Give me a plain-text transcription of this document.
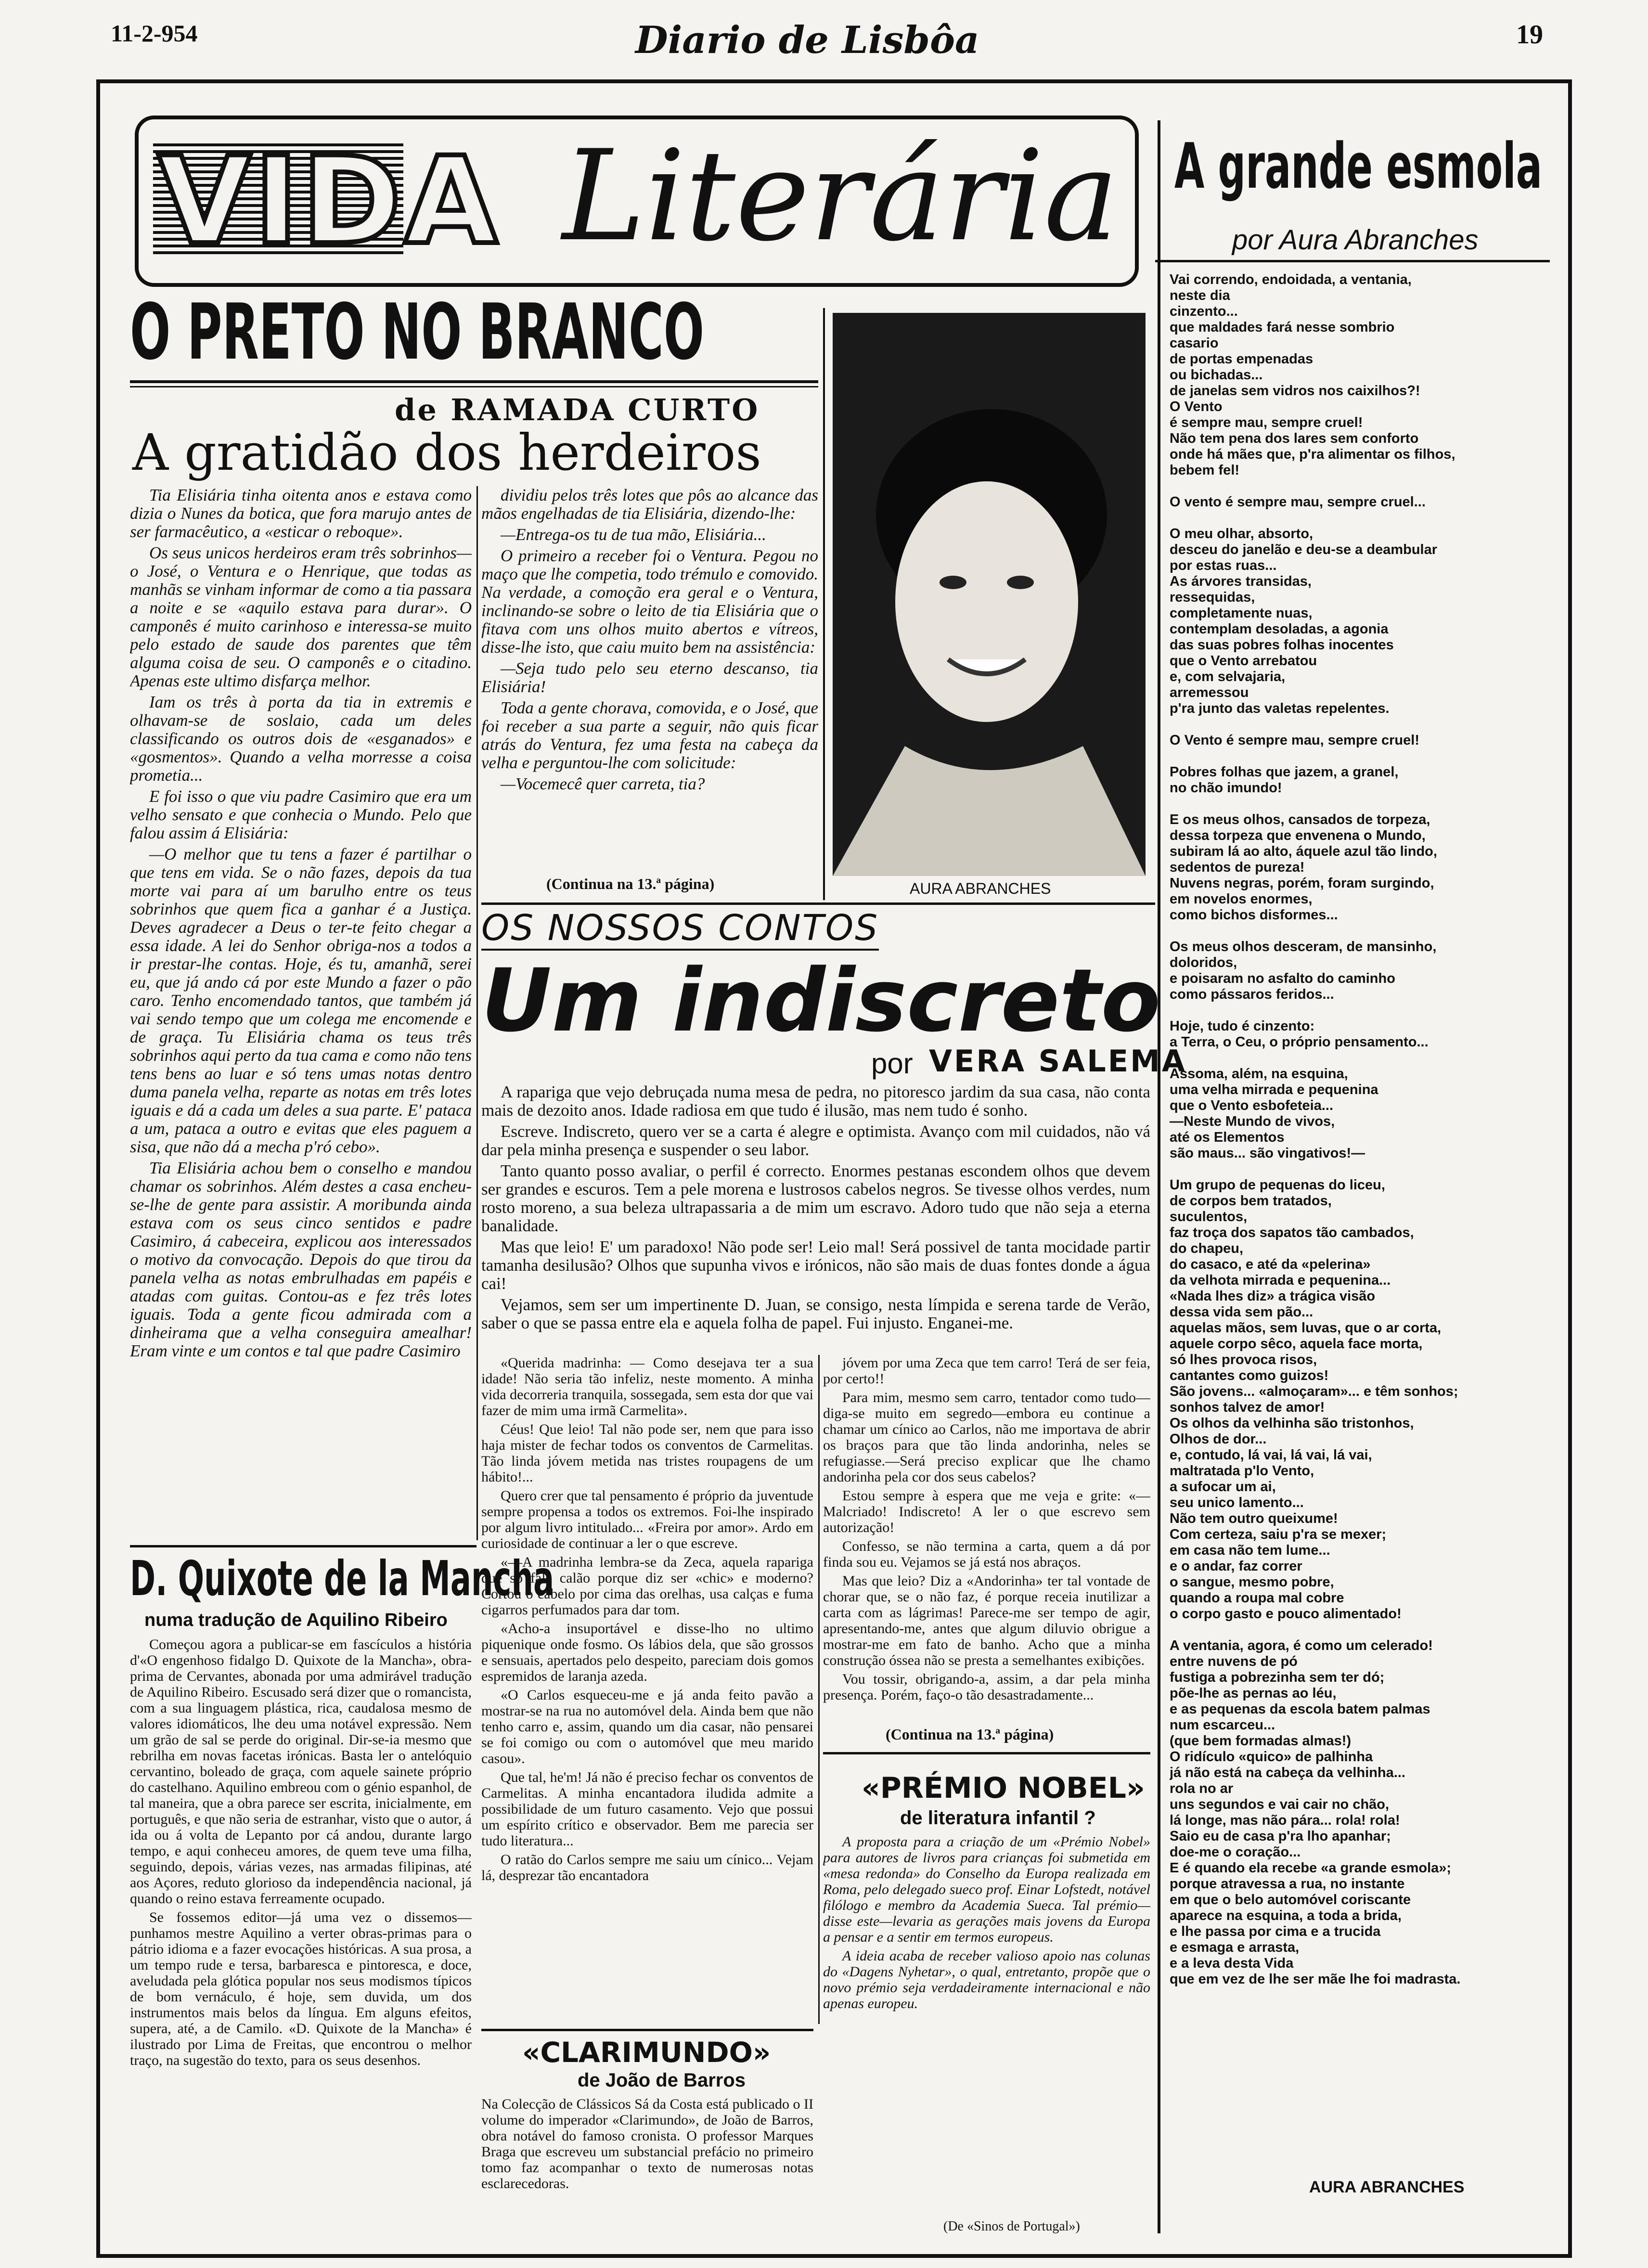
11-2-954	Diario de Lisbôa	19
VIDA Literária A grande esmola
por Aura Abranches
Vai correndo, endoidada, a ventania,
neste dia
cinzento...
que maldades fará nesse sombrio
casario
de portas empenadas
ou bichadas...
de janelas sem vidros nos caixilhos?!
O Vento
é sempre mau, sempre cruel!
Não tem pena dos lares sem conforto
onde há mães que, p'ra alimentar os filhos,
bebem fel!
O vento é sempre mau, sempre cruel...
O meu olhar, absorto,
desceu do janelão e deu-se a deambular
por estas ruas...
As árvores transidas,
ressequidas,
completamente nuas,
contemplam desoladas, a agonia
das suas pobres folhas inocentes
que o Vento arrebatou
e, com selvajaria,
arremessou
p'ra junto das valetas repelentes.
O Vento é sempre mau, sempre cruel!
Pobres folhas que jazem, a granel,
no chão imundo!
E os meus olhos, cansados de torpeza,
dessa torpeza que envenena o Mundo,
subiram lá ao alto, áquele azul tão lindo,
sedentos de pureza!
Nuvens negras, porém, foram surgindo,
em novelos enormes,
como bichos disformes...
Os meus olhos desceram, de mansinho,
doloridos,
e poisaram no asfalto do caminho
como pássaros feridos...
Hoje, tudo é cinzento:
a Terra, o Ceu, o próprio pensamento...
Assoma, além, na esquina,
uma velha mirrada e pequenina
que o Vento esbofeteia...
—Neste Mundo de vivos,
até os Elementos
são maus... são vingativos!—
Um grupo de pequenas do liceu,
de corpos bem tratados,
suculentos,
faz troça dos sapatos tão cambados,
do chapeu,
do casaco, e até da «pelerina»
da velhota mirrada e pequenina...
«Nada lhes diz» a trágica visão
dessa vida sem pão...
aquelas mãos, sem luvas, que o ar corta,
aquele corpo sêco, aquela face morta,
só lhes provoca risos,
cantantes como guizos!
São jovens... «almoçaram»... e têm sonhos;
sonhos talvez de amor!
Os olhos da velhinha são tristonhos,
Olhos de dor...
e, contudo, lá vai, lá vai, lá vai,
maltratada p'lo Vento,
a sufocar um ai,
seu unico lamento...
Não tem outro queixume!
Com certeza, saiu p'ra se mexer;
em casa não tem lume...
e o andar, faz correr
o sangue, mesmo pobre,
quando a roupa mal cobre
o corpo gasto e pouco alimentado!
A ventania, agora, é como um celerado!
entre nuvens de pó
fustiga a pobrezinha sem ter dó;
põe-lhe as pernas ao léu,
e as pequenas da escola batem palmas
num escarceu...
(que bem formadas almas!)
O ridículo «quico» de palhinha
já não está na cabeça da velhinha...
rola no ar
uns segundos e vai cair no chão,
lá longe, mas não pára... rola! rola!
Saio eu de casa p'ra lho apanhar;
doe-me o coração...
E é quando ela recebe «a grande esmola»;
porque atravessa a rua, no instante
em que o belo automóvel coriscante
aparece na esquina, a toda a brida,
e lhe passa por cima e a trucida
e esmaga e arrasta,
e a leva desta Vida
que em vez de lhe ser mãe lhe foi madrasta.
AURA ABRANCHES
O PRETO NO BRANCO
de RAMADA CURTO
A gratidão dos herdeiros

Tia Elisiária tinha oitenta anos e estava como dizia o Nunes da botica, que fora marujo antes de ser farmacêutico, a «esticar o reboque».

Os seus unicos herdeiros eram três sobrinhos—o José, o Ventura e o Henrique, que todas as manhãs se vinham informar de como a tia passara a noite e se «aquilo estava para durar». O camponês é muito carinhoso e interessa-se muito pelo estado de saude dos parentes que têm alguma coisa de seu. O camponês e o citadino. Apenas este ultimo disfarça melhor.

Iam os três à porta da tia in extremis e olhavam-se de soslaio, cada um deles classificando os outros dois de «esganados» e «gosmentos». Quando a velha morresse a coisa prometia...

E foi isso o que viu padre Casimiro que era um velho sensato e que conhecia o Mundo. Pelo que falou assim á Elisiária:

—O melhor que tu tens a fazer é partilhar o que tens em vida. Se o não fazes, depois da tua morte vai para aí um barulho entre os teus sobrinhos que quem fica a ganhar é a Justiça. Deves agradecer a Deus o ter-te feito chegar a essa idade. A lei do Senhor obriga-nos a todos a ir prestar-lhe contas. Hoje, és tu, amanhã, serei eu, que já ando cá por este Mundo a fazer o pão caro. Tenho encomendado tantos, que também já vai sendo tempo que um colega me encomende e de graça. Tu Elisiária chama os teus três sobrinhos aqui perto da tua cama e como não tens tens bens ao luar e só tens umas notas dentro duma panela velha, reparte as notas em três lotes iguais e dá a cada um deles a sua parte. E' pataca a um, pataca a outro e evitas que eles paguem a sisa, que não dá a mecha p'ró cebo».

Tia Elisiária achou bem o conselho e mandou chamar os sobrinhos. Além destes a casa encheu-se-lhe de gente para assistir. A moribunda ainda estava com os seus cinco sentidos e padre Casimiro, á cabeceira, explicou aos interessados o motivo da convocação. Depois do que tirou da panela velha as notas embrulhadas em papéis e atadas com guitas. Contou-as e fez três lotes iguais. Toda a gente ficou admirada com a dinheirama que a velha conseguira amealhar! Eram vinte e um contos e tal que padre Casimiro

dividiu pelos três lotes que pôs ao alcance das mãos engelhadas de tia Elisiária, dizendo-lhe:

—Entrega-os tu de tua mão, Elisiária...

O primeiro a receber foi o Ventura. Pegou no maço que lhe competia, todo trémulo e comovido. Na verdade, a comoção era geral e o Ventura, inclinando-se sobre o leito de tia Elisiária que o fitava com uns olhos muito abertos e vítreos, disse-lhe isto, que caiu muito bem na assistência:

—Seja tudo pelo seu eterno descanso, tia Elisiária!

Toda a gente chorava, comovida, e o José, que foi receber a sua parte a seguir, não quis ficar atrás do Ventura, fez uma festa na cabeça da velha e perguntou-lhe com solicitude:

—Vocemecê quer carreta, tia?

(Continua na 13.ª página)	AURA ABRANCHES
OS NOSSOS CONTOS
Um indiscreto
por VERA SALEMA

A rapariga que vejo debruçada numa mesa de pedra, no pitoresco jardim da sua casa, não conta mais de dezoito anos. Idade radiosa em que tudo é ilusão, mas nem tudo é sonho.

Escreve. Indiscreto, quero ver se a carta é alegre e optimista. Avanço com mil cuidados, não vá dar pela minha presença e suspender o seu labor.

Tanto quanto posso avaliar, o perfil é correcto. Enormes pestanas escondem olhos que devem ser grandes e escuros. Tem a pele morena e lustrosos cabelos negros. Se tivesse olhos verdes, num rosto moreno, a sua beleza ultrapassaria a de mim um escravo. Adoro tudo que não seja a eterna banalidade.

Mas que leio! E' um paradoxo! Não pode ser! Leio mal! Será possivel de tanta mocidade partir tamanha desilusão? Olhos que supunha vivos e irónicos, não são mais de duas fontes donde a água cai!

Vejamos, sem ser um impertinente D. Juan, se consigo, nesta límpida e serena tarde de Verão, saber o que se passa entre ela e aquela folha de papel. Fui injusto. Enganei-me.

«Querida madrinha: — Como desejava ter a sua idade! Não seria tão infeliz, neste momento. A minha vida decorreria tranquila, sossegada, sem esta dor que vai fazer de mim uma irmã Carmelita».

Céus! Que leio! Tal não pode ser, nem que para isso haja mister de fechar todos os conventos de Carmelitas. Tão linda jóvem metida nas tristes roupagens de um hábito!...

Quero crer que tal pensamento é próprio da juventude sempre propensa a todos os extremos. Foi-lhe inspirado por algum livro intitulado... «Freira por amor». Ardo em curiosidade de continuar a ler o que escreve.

«—A madrinha lembra-se da Zeca, aquela rapariga que só fala calão porque diz ser «chic» e moderno? Cortou o cabelo por cima das orelhas, usa calças e fuma cigarros perfumados para dar tom.

«Acho-a insuportável e disse-lho no ultimo piquenique onde fosmo. Os lábios dela, que são grossos e sensuais, apertados pelo despeito, pareciam dois gomos espremidos de laranja azeda.

«O Carlos esqueceu-me e já anda feito pavão a mostrar-se na rua no automóvel dela. Ainda bem que não tenho carro e, assim, quando um dia casar, não pensarei se foi comigo ou com o automóvel que meu marido casou».

Que tal, he'm! Já não é preciso fechar os conventos de Carmelitas. A minha encantadora iludida admite a possibilidade de um futuro casamento. Vejo que possui um espírito crítico e observador. Bem me parecia ser tudo literatura...

O ratão do Carlos sempre me saiu um cínico... Vejam lá, desprezar tão encantadora

jóvem por uma Zeca que tem carro! Terá de ser feia, por certo!!

Para mim, mesmo sem carro, tentador como tudo—diga-se muito em segredo—embora eu continue a chamar um cínico ao Carlos, não me importava de abrir os braços para que tão linda andorinha, neles se refugiasse.—Será preciso explicar que lhe chamo andorinha pela cor dos seus cabelos?

Estou sempre à espera que me veja e grite: «—Malcriado! Indiscreto! A ler o que escrevo sem autorização!

Confesso, se não termina a carta, quem a dá por finda sou eu. Vejamos se já está nos abraços.

Mas que leio? Diz a «Andorinha» ter tal vontade de chorar que, se o não faz, é porque receia inutilizar a carta com as lágrimas! Parece-me ser tempo de agir, apresentando-me, antes que algum diluvio obrigue a mostrar-me em fato de banho. Acho que a minha construção óssea não se presta a semelhantes exibições.

Vou tossir, obrigando-a, assim, a dar pela minha presença. Porém, faço-o tão desastradamente...

(Continua na 13.ª página)
D. Quixote de la Mancha
numa tradução de Aquilino Ribeiro

Começou agora a publicar-se em fascículos a história d'«O engenhoso fidalgo D. Quixote de la Mancha», obra-prima de Cervantes, abonada por uma admirável tradução de Aquilino Ribeiro. Escusado será dizer que o romancista, com a sua linguagem plástica, rica, caudalosa mesmo de valores idiomáticos, lhe deu uma notável expressão. Nem um grão de sal se perde do original. Dir-se-ia mesmo que rebrilha em novas facetas irónicas. Basta ler o antelóquio cervantino, boleado de graça, com aquele sainete próprio do castelhano. Aquilino embreou com o génio espanhol, de tal maneira, que a obra parece ser escrita, inicialmente, em português, e que não seria de estranhar, visto que o autor, á ida ou á volta de Lepanto por cá andou, durante largo tempo, e aqui conheceu amores, de quem teve uma filha, seguindo, depois, várias vezes, nas armadas filipinas, até aos Açores, reduto glorioso da independência nacional, já quando o reino estava ferreamente ocupado.

Se fossemos editor—já uma vez o dissemos—punhamos mestre Aquilino a verter obras-primas para o pátrio idioma e a fazer evocações históricas. A sua prosa, a um tempo rude e tersa, barbaresca e pintoresca, e doce, aveludada pela glótica popular nos seus modismos típicos de bom vernáculo, é hoje, sem duvida, um dos instrumentos mais belos da língua. Em alguns efeitos, supera, até, a de Camilo. «D. Quixote de la Mancha» é ilustrado por Lima de Freitas, que encontrou o melhor traço, na sugestão do texto, para os seus desenhos.	«CLARIMUNDO»
de João de Barros

Na Colecção de Clássicos Sá da Costa está publicado o II volume do imperador «Clarimundo», de João de Barros, obra notável do famoso cronista. O professor Marques Braga que escreveu um substancial prefácio no primeiro tomo faz acompanhar o texto de numerosas notas esclarecedoras.

«PRÉMIO NOBEL»
de literatura infantil ?

A proposta para a criação de um «Prémio Nobel» para autores de livros para crianças foi submetida em «mesa redonda» do Conselho da Europa realizada em Roma, pelo delegado sueco prof. Einar Lofstedt, notável filólogo e membro da Academia Sueca. Tal prémio—disse este—levaria as gerações mais jovens da Europa a pensar e a sentir em termos europeus.

A ideia acaba de receber valioso apoio nas colunas do «Dagens Nyhetar», o qual, entretanto, propõe que o novo prémio seja verdadeiramente internacional e não apenas europeu.

(De «Sinos de Portugal»)
